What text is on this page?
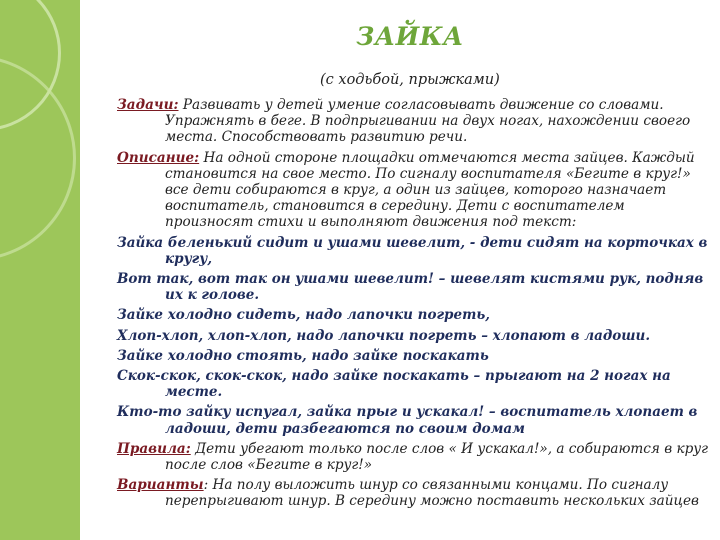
ЗАЙКА
(с ходьбой, прыжками)

Задачи: Развивать у детей умение согласовывать движение со словами. Упражнять в беге. В подпрыгивании на двух ногах, нахождении своего места. Способствовать развитию речи.

Описание: На одной стороне площадки отмечаются места зайцев. Каждый становится на свое место. По сигналу воспитателя «Бегите в круг!» все дети собираются в круг, а один из зайцев, которого назначает воспитатель, становится в середину. Дети с воспитателем произносят стихи и выполняют движения под текст:

Зайка беленький сидит и ушами шевелит, - дети сидят на корточках в кругу,

Вот так, вот так он ушами шевелит! – шевелят кистями рук, подняв их к голове.

Зайке холодно сидеть, надо лапочки погреть,

Хлоп-хлоп, хлоп-хлоп, надо лапочки погреть – хлопают в ладоши.

Зайке холодно стоять, надо зайке поскакать

Скок-скок, скок-скок, надо зайке поскакать – прыгают на 2 ногах на месте.

Кто-то зайку испугал, зайка прыг и ускакал! – воспитатель хлопает в ладоши, дети разбегаются по своим домам

Правила: Дети убегают только после слов « И ускакал!», а собираются в круг после слов «Бегите в круг!»

Варианты: На полу выложить шнур со связанными концами. По сигналу перепрыгивают шнур. В середину можно поставить нескольких зайцев
